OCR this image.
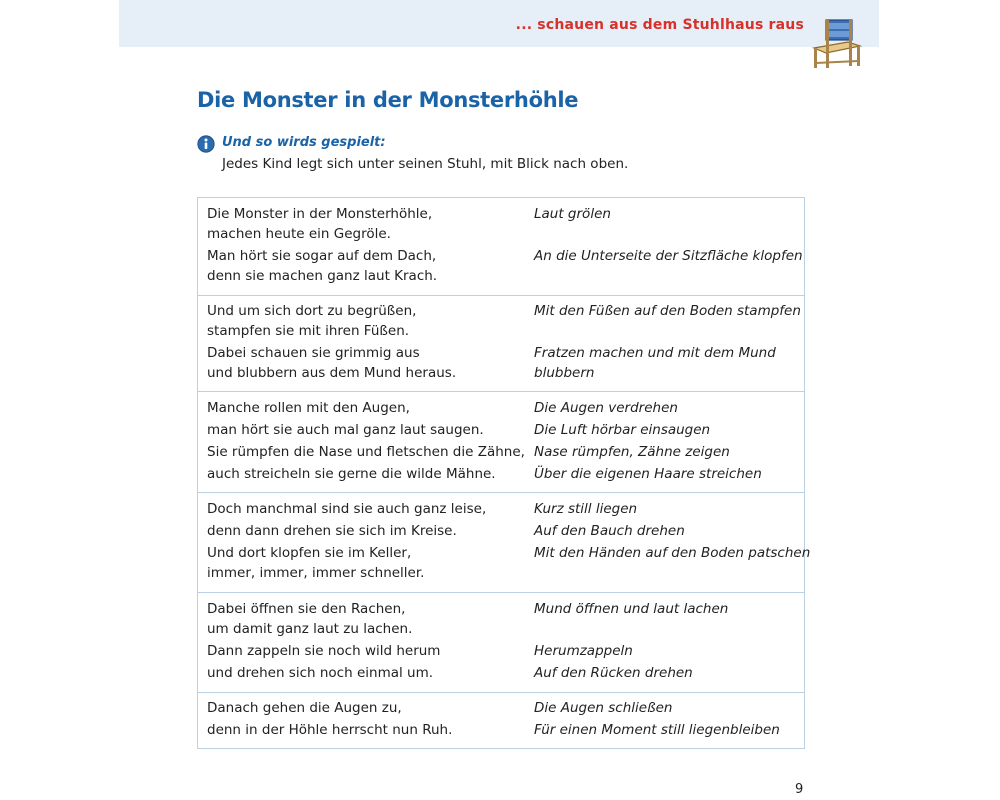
... schauen aus dem Stuhlhaus raus
Die Monster in der Monsterhöhle
Und so wirds gespielt:
Jedes Kind legt sich unter seinen Stuhl, mit Blick nach oben.
Die Monster in der Monsterhöhle,
machen heute ein Gegröle.
Man hört sie sogar auf dem Dach,
denn sie machen ganz laut Krach.
Laut grölen
An die Unterseite der Sitzfläche klopfen
Und um sich dort zu begrüßen,
stampfen sie mit ihren Füßen.
Dabei schauen sie grimmig aus
und blubbern aus dem Mund heraus.
Mit den Füßen auf den Boden stampfen
Fratzen machen und mit dem Mund
blubbern
Manche rollen mit den Augen,
man hört sie auch mal ganz laut saugen.
Sie rümpfen die Nase und fletschen die Zähne,
auch streicheln sie gerne die wilde Mähne.
Die Augen verdrehen
Die Luft hörbar einsaugen
Nase rümpfen, Zähne zeigen
Über die eigenen Haare streichen
Doch manchmal sind sie auch ganz leise,
denn dann drehen sie sich im Kreise.
Und dort klopfen sie im Keller,
immer, immer, immer schneller.
Kurz still liegen
Auf den Bauch drehen
Mit den Händen auf den Boden patschen
Dabei öffnen sie den Rachen,
um damit ganz laut zu lachen.
Dann zappeln sie noch wild herum
und drehen sich noch einmal um.
Mund öffnen und laut lachen
Herumzappeln
Auf den Rücken drehen
Danach gehen die Augen zu,
denn in der Höhle herrscht nun Ruh.
Die Augen schließen
Für einen Moment still liegenbleiben
9
